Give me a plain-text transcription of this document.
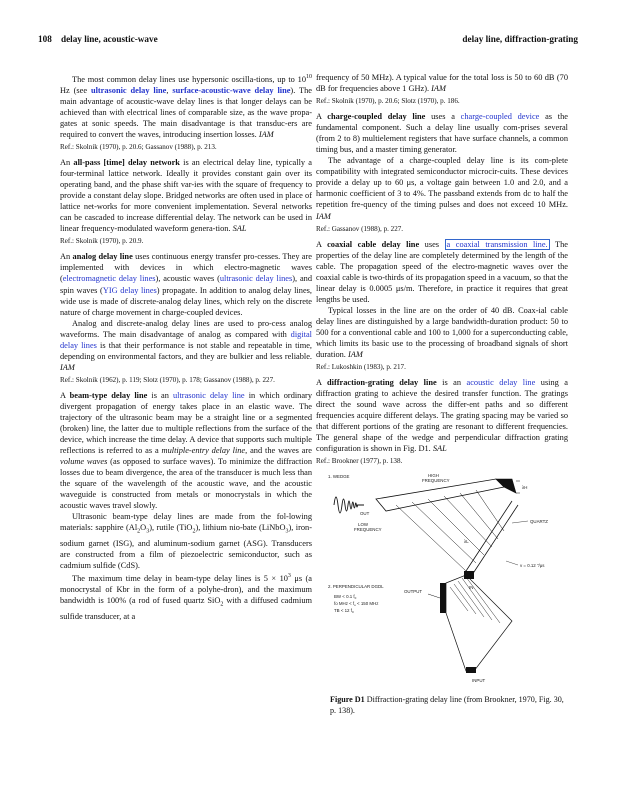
108 delay line, acoustic-wave	delay line, diffraction-grating

The most common delay lines use hypersonic oscilla-tions, up to $10^{10}$ Hz (see ultrasonic delay line, surface-acoustic-wave delay line). The main advantage of acoustic-wave delay lines is that longer delays can be achieved than with electrical lines of comparable size, as the wave propa-gates at sonic speeds. The main disadvantage is that transduc-ers are required to convert the waves, introducing insertion losses. IAM

Ref.: Skolnik (1970), p. 20.6; Gassanov (1988), p. 213.

An all-pass [time] delay network is an electrical delay line, typically a four-terminal lattice network. Ideally it provides constant gain over its operating band, and the phase shift var-ies with the square of frequency to provide a constant delay slope. Bridged networks are often used in place of lattice net-works for more convenient implementation. Several networks can be cascaded to increase differential delay. The network can be used in linear frequency-modulated waveform genera-tion. SAL

Ref.: Skolnik (1970), p. 20.9.

An analog delay line uses continuous energy transfer pro-cesses. They are implemented with devices in which electro-magnetic waves (electromagnetic delay lines), acoustic waves (ultrasonic delay lines), and spin waves (YIG delay lines) propagate. In addition to analog delay lines, wide use is made of discrete-analog delay lines, which rely on the discrete nature of charge movement in charge-coupled devices.

Analog and discrete-analog delay lines are used to pro-cess analog waveforms. The main disadvantage of analog as compared with digital delay lines is that their performance is not stable and repeatable in time, depending on environmental factors, and they are bulkier and less reliable. IAM

Ref.: Skolnik (1962), p. 119; Slotz (1970), p. 178; Gassanov (1988), p. 227.

A beam-type delay line is an ultrasonic delay line in which ordinary divergent propagation of energy takes place in an elastic wave. The trajectory of the ultrasonic beam may be a straight line or a segmented (broken) line, the latter due to multiple reflections from the surface of the device, which increase the time delay. A device that supports such multiple reflections is referred to as a multiple-entry delay line, and the waves are volume waves (as opposed to surface waves). To minimize the diffraction losses due to beam divergence, the area of the transducer is much less than the square of the wavelength of the acoustic wave, and the acoustic waveguide is constructed from metals or monocrystals in which the acoustic waves travel slowly.

Ultrasonic beam-type delay lines are made from the fol-lowing materials: sapphire $(Al_2O_3)$, rutile (TiO$_2$), lithium nio-bate (LiNbO$_3$), iron-sodium garnet (ISG), and aluminum-sodium garnet (ASG). Transducers are constructed from a film of piezoelectric semiconductor, such as cadmium sulfide (CdS).

The maximum time delay in beam-type delay lines is $5 \times 10^3$ μs (a monocrystal of Kbr in the form of a polyhe-dron), and the maximum bandwidth is 100% (a rod of fused quartz SiO$_2$ with a diffused cadmium sulfide transducer, at a

frequency of 50 MHz). A typical value for the total loss is 50 to 60 dB (70 dB for frequencies above 1 GHz). IAM

Ref.: Skolnik (1970), p. 20.6; Slotz (1970), p. 186.

A charge-coupled delay line uses a charge-coupled device as the fundamental component. Such a delay line usually com-prises several (from 2 to 8) multielement registers that have surface channels, a common timing bus, and a master timing generator.

The advantage of a charge-coupled delay line is its com-plete compatibility with integrated semiconductor microcir-cuits. These devices provide a delay up to 60 μs, a voltage gain between 1.0 and 2.0, and a harmonic coefficient of 3 to 4%. The passband extends from dc to half the repetition fre-quency of the timing pulses and does not exceed 10 MHz. IAM

Ref.: Gassanov (1988), p. 227.

A coaxial cable delay line uses a coaxial transmission line. The properties of the delay line are completely determined by the length of the cable. The propagation speed of the electro-magnetic waves over the coaxial cable is two-thirds of its propagation speed in a vacuum, so that the linear delay is 0.0005 μs/m. Therefore, in practice it requires that great lengths be used.

Typical losses in the line are on the order of 40 dB. Coax-ial cable delay lines are distinguished by a large bandwidth-duration product: 50 to 500 for a conventional cable and 100 to 1,000 for a superconducting cable, which limits its basic use to the processing of broadband signals of short duration. IAM

Ref.: Lukoshkin (1983), p. 217.

A diffraction-grating delay line is an acoustic delay line using a diffraction grating to achieve the desired transfer function. The gratings direct the sound wave across the differ-ent paths and so different frequencies acquire different delays. The grating spacing may be varied so that different portions of the grating are resonant to different frequencies. The general shape of the wedge and perpendicular diffraction grating configuration is shown in Fig. D1. SAL

Ref.: Brookner (1977), p. 138.

1. WEDGE	HIGH
FREQUENCY
OUT
LOW
FREQUENCY
λH
λL
QUARTZ
IN
v = 0.12 "/μs
2. PERPENDICULAR DGDL
BW < 0.1 $f_0$
fo MHz < $f_o < 150$ MHz
TB < 12 $f_0$
OUTPUT
INPUT

Figure D1 Diffraction-grating delay line (from Brookner, 1970, Fig. 30, p. 138).
